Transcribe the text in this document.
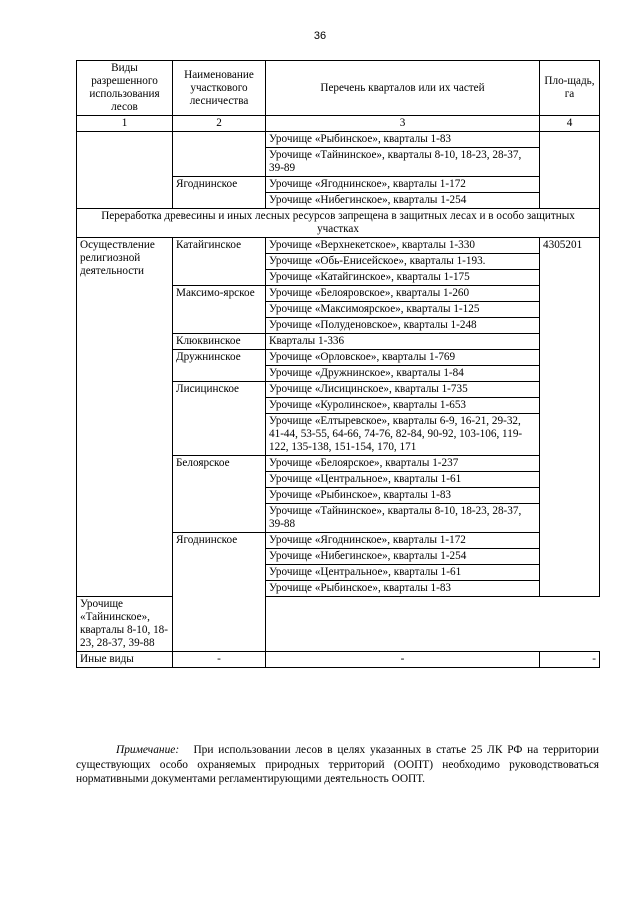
36
Виды разрешенного использования лесов	Наименование участкового лесничества	Перечень кварталов или их частей	Пло-щадь, га
1	2	3	4
		Урочище «Рыбинское», кварталы 1-83	
		Урочище «Тайнинское», кварталы 8-10, 18-23, 28-37, 39-89	
	Ягоднинское	Урочище «Ягоднинское», кварталы 1-172	
		Урочище «Нибегинское», кварталы 1-254	
Переработка древесины и иных лесных ресурсов запрещена в защитных лесах и в особо защитных участках			
Осуществление религиозной деятельности	Катайгинское	Урочище «Верхнекетское», кварталы 1-330	4305201
		Урочище «Обь-Енисейское», кварталы 1-193.	
		Урочище «Катайгинское», кварталы 1-175	
	Максимо-ярское	Урочище «Белояровское», кварталы 1-260	
		Урочище «Максимоярское», кварталы 1-125	
		Урочище «Полуденовское», кварталы 1-248	
	Клюквинское	Кварталы 1-336	
	Дружнинское	Урочище «Орловское», кварталы 1-769	
		Урочище «Дружнинское», кварталы 1-84	
	Лисицинское	Урочище «Лисицинское», кварталы 1-735	
		Урочище «Куролинское», кварталы 1-653	
		Урочище «Елтыревское», кварталы 6-9, 16-21, 29-32, 41-44, 53-55, 64-66, 74-76, 82-84, 90-92, 103-106, 119-122, 135-138, 151-154, 170, 171	
	Белоярское	Урочище «Белоярское», кварталы 1-237	
		Урочище «Центральное», кварталы 1-61	
		Урочище «Рыбинское», кварталы 1-83	
		Урочище «Тайнинское», кварталы 8-10, 18-23, 28-37, 39-88	
	Ягоднинское	Урочище «Ягоднинское», кварталы 1-172	
		Урочище «Нибегинское», кварталы 1-254	
		Урочище «Центральное», кварталы 1-61	
		Урочище «Рыбинское», кварталы 1-83	
Урочище «Тайнинское», кварталы 8-10, 18-23, 28-37, 39-88			
Иные виды	-	-	-
Примечание: При использовании лесов в целях указанных в статье 25 ЛК РФ на территории существующих особо охраняемых природных территорий (ООПТ) необходимо руководствоваться нормативными документами регламентирующими деятельность ООПТ.
